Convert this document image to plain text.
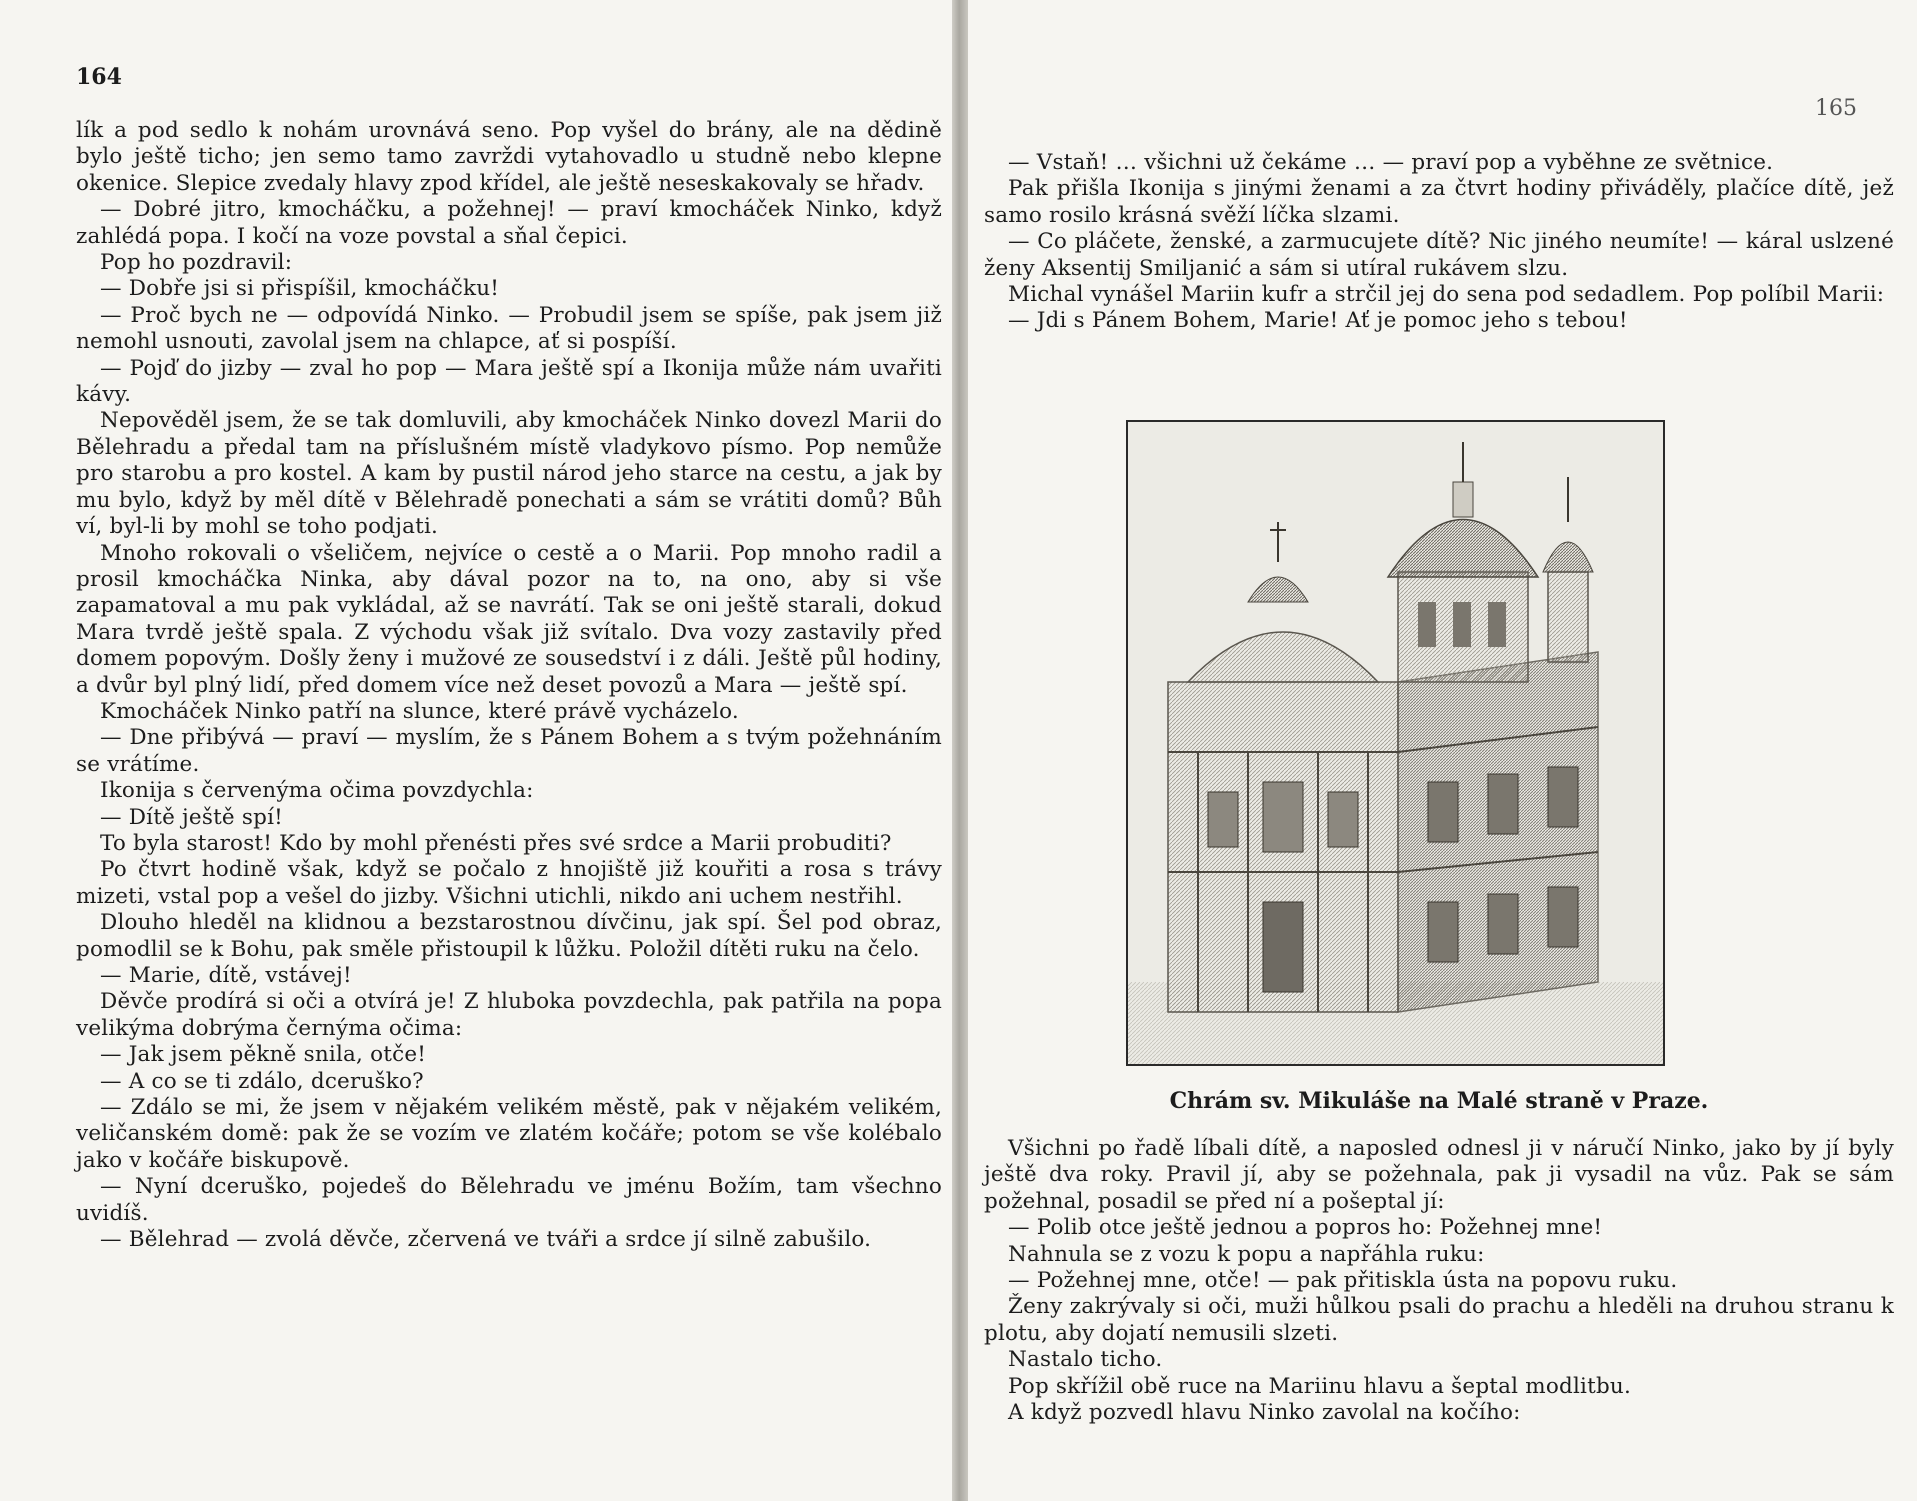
164

lík a pod sedlo k nohám urovnává seno. Pop vyšel do brány, ale na dědině bylo ještě ticho; jen semo tamo zavrždi vytahovadlo u studně nebo klepne okenice. Slepice zvedaly hlavy zpod křídel, ale ještě neseskakovaly se hřadv.

— Dobré jitro, kmocháčku, a požehnej! — praví kmocháček Ninko, když zahlédá popa. I kočí na voze povstal a sňal čepici.

Pop ho pozdravil:

— Dobře jsi si přispíšil, kmocháčku!

— Proč bych ne — odpovídá Ninko. — Probudil jsem se spíše, pak jsem již nemohl usnouti, zavolal jsem na chlapce, ať si pospíší.

— Pojď do jizby — zval ho pop — Mara ještě spí a Ikonija může nám uvařiti kávy.

Nepověděl jsem, že se tak domluvili, aby kmocháček Ninko dovezl Marii do Bělehradu a předal tam na příslušném místě vladykovo písmo. Pop nemůže pro starobu a pro kostel. A kam by pustil národ jeho starce na cestu, a jak by mu bylo, když by měl dítě v Bělehradě ponechati a sám se vrátiti domů? Bůh ví, byl-li by mohl se toho podjati.

Mnoho rokovali o všeličem, nejvíce o cestě a o Marii. Pop mnoho radil a prosil kmocháčka Ninka, aby dával pozor na to, na ono, aby si vše zapamatoval a mu pak vykládal, až se navrátí. Tak se oni ještě starali, dokud Mara tvrdě ještě spala. Z východu však již svítalo. Dva vozy zastavily před domem popovým. Došly ženy i mužové ze sousedství i z dáli. Ještě půl hodiny, a dvůr byl plný lidí, před domem více než deset povozů a Mara — ještě spí.

Kmocháček Ninko patří na slunce, které právě vycházelo.

— Dne přibývá — praví — myslím, že s Pánem Bohem a s tvým požehnáním se vrátíme.

Ikonija s červenýma očima povzdychla:

— Dítě ještě spí!

To byla starost! Kdo by mohl přenésti přes své srdce a Marii probuditi?

Po čtvrt hodině však, když se počalo z hnojiště již kouřiti a rosa s trávy mizeti, vstal pop a vešel do jizby. Všichni utichli, nikdo ani uchem nestřihl.

Dlouho hleděl na klidnou a bezstarostnou dívčinu, jak spí. Šel pod obraz, pomodlil se k Bohu, pak směle přistoupil k lůžku. Položil dítěti ruku na čelo.

— Marie, dítě, vstávej!

Děvče prodírá si oči a otvírá je! Z hluboka povzdechla, pak patřila na popa velikýma dobrýma černýma očima:

— Jak jsem pěkně snila, otče!

— A co se ti zdálo, dceruško?

— Zdálo se mi, že jsem v nějakém velikém městě, pak v nějakém velikém, veličanském domě: pak že se vozím ve zlatém kočáře; potom se vše kolébalo jako v kočáře biskupově.

— Nyní dceruško, pojedeš do Bělehradu ve jménu Božím, tam všechno uvidíš.

— Bělehrad — zvolá děvče, zčervená ve tváři a srdce jí silně zabušilo.

165

— Vstaň! … všichni už čekáme … — praví pop a vyběhne ze světnice.

Pak přišla Ikonija s jinými ženami a za čtvrt hodiny přiváděly, plačíce dítě, jež samo rosilo krásná svěží líčka slzami.

— Co pláčete, ženské, a zarmucujete dítě? Nic jiného neumíte! — káral uslzené ženy Aksentij Smiljanić a sám si utíral rukávem slzu.

Michal vynášel Mariin kufr a strčil jej do sena pod sedadlem. Pop políbil Marii:

— Jdi s Pánem Bohem, Marie! Ať je pomoc jeho s tebou!

Chrám sv. Mikuláše na Malé straně v Praze.

Všichni po řadě líbali dítě, a naposled odnesl ji v náručí Ninko, jako by jí byly ještě dva roky. Pravil jí, aby se požehnala, pak ji vysadil na vůz. Pak se sám požehnal, posadil se před ní a pošeptal jí:

— Polib otce ještě jednou a popros ho: Požehnej mne!

Nahnula se z vozu k popu a napřáhla ruku:

— Požehnej mne, otče! — pak přitiskla ústa na popovu ruku.

Ženy zakrývaly si oči, muži hůlkou psali do prachu a hleděli na druhou stranu k plotu, aby dojatí nemusili slzeti.

Nastalo ticho.

Pop skřížil obě ruce na Mariinu hlavu a šeptal modlitbu.

A když pozvedl hlavu Ninko zavolal na kočího:
